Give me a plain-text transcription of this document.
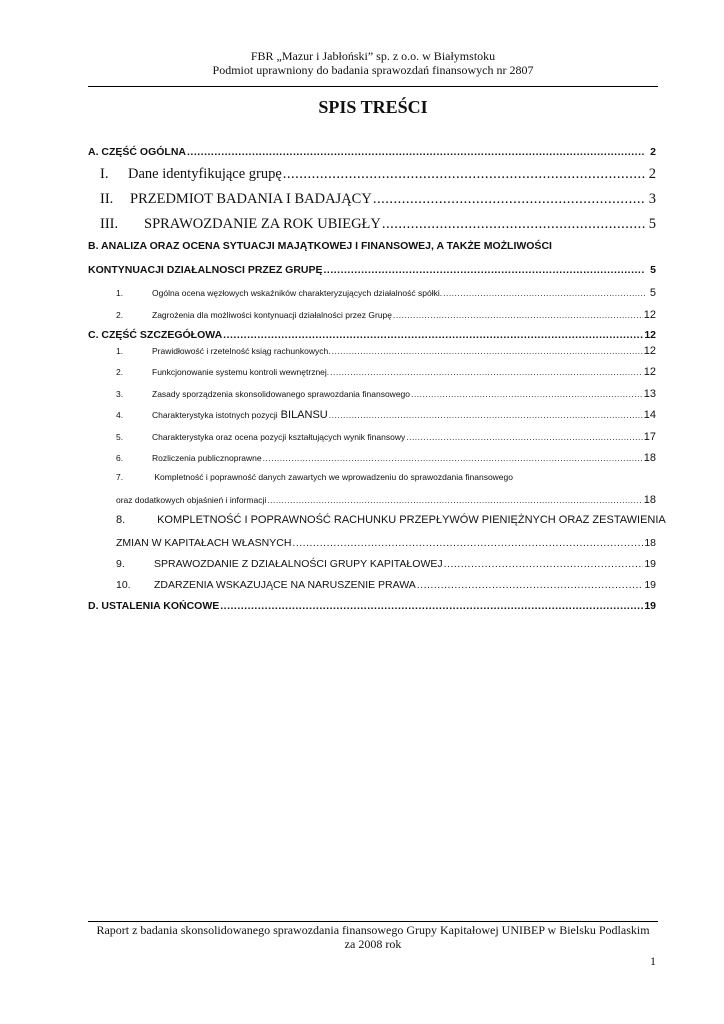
FBR „Mazur i Jabłoński” sp. z o.o. w Białymstoku
Podmiot uprawniony do badania sprawozdań finansowych nr 2807
SPIS TREŚCI
A. CZĘŚĆ OGÓLNA .....	2
I.	Dane identyfikujące grupę .....	2
II.	PRZEDMIOT BADANIA I BADAJĄCY .....	3
III.	SPRAWOZDANIE ZA ROK UBIEGŁY .....	5
B. ANALIZA ORAZ OCENA SYTUACJI MAJĄTKOWEJ I FINANSOWEJ, A TAKŻE MOŻLIWOŚCI
KONTYNUACJI DZIAŁALNOSCI PRZEZ GRUPĘ .....	5
1.	Ogólna ocena węzłowych wskaźników charakteryzujących działalność spółki. .....	5
2.	Zagrożenia dla możliwości kontynuacji działalności przez Grupę .....	12
C. CZĘŚĆ SZCZEGÓŁOWA .....	12
1.	Prawidłowość i rzetelność ksiąg rachunkowych. .....	12
2.	Funkcjonowanie systemu kontroli wewnętrznej. .....	12
3.	Zasady sporządzenia skonsolidowanego sprawozdania finansowego .....	13
4.	Charakterystyka istotnych pozycji BILANSU .....	14
5.	Charakterystyka oraz ocena pozycji kształtujących wynik finansowy .....	17
6.	Rozliczenia publicznoprawne .....	18
7.	Kompletność i poprawność danych zawartych we wprowadzeniu do sprawozdania finansowego
oraz dodatkowych objaśnień i informacji .....	18
8.	KOMPLETNOŚĆ I POPRAWNOŚĆ RACHUNKU PRZEPŁYWÓW PIENIĘŻNYCH ORAZ ZESTAWIENIA
ZMIAN W KAPITAŁACH WŁASNYCH .....	18
9.	SPRAWOZDANIE Z DZIAŁALNOŚCI GRUPY KAPITAŁOWEJ .....	19
10.	ZDARZENIA WSKAZUJĄCE NA NARUSZENIE PRAWA .....	19
D. USTALENIA KOŃCOWE .....	19
Raport z badania skonsolidowanego sprawozdania finansowego Grupy Kapitałowej UNIBEP w Bielsku Podlaskim
za 2008 rok
1
